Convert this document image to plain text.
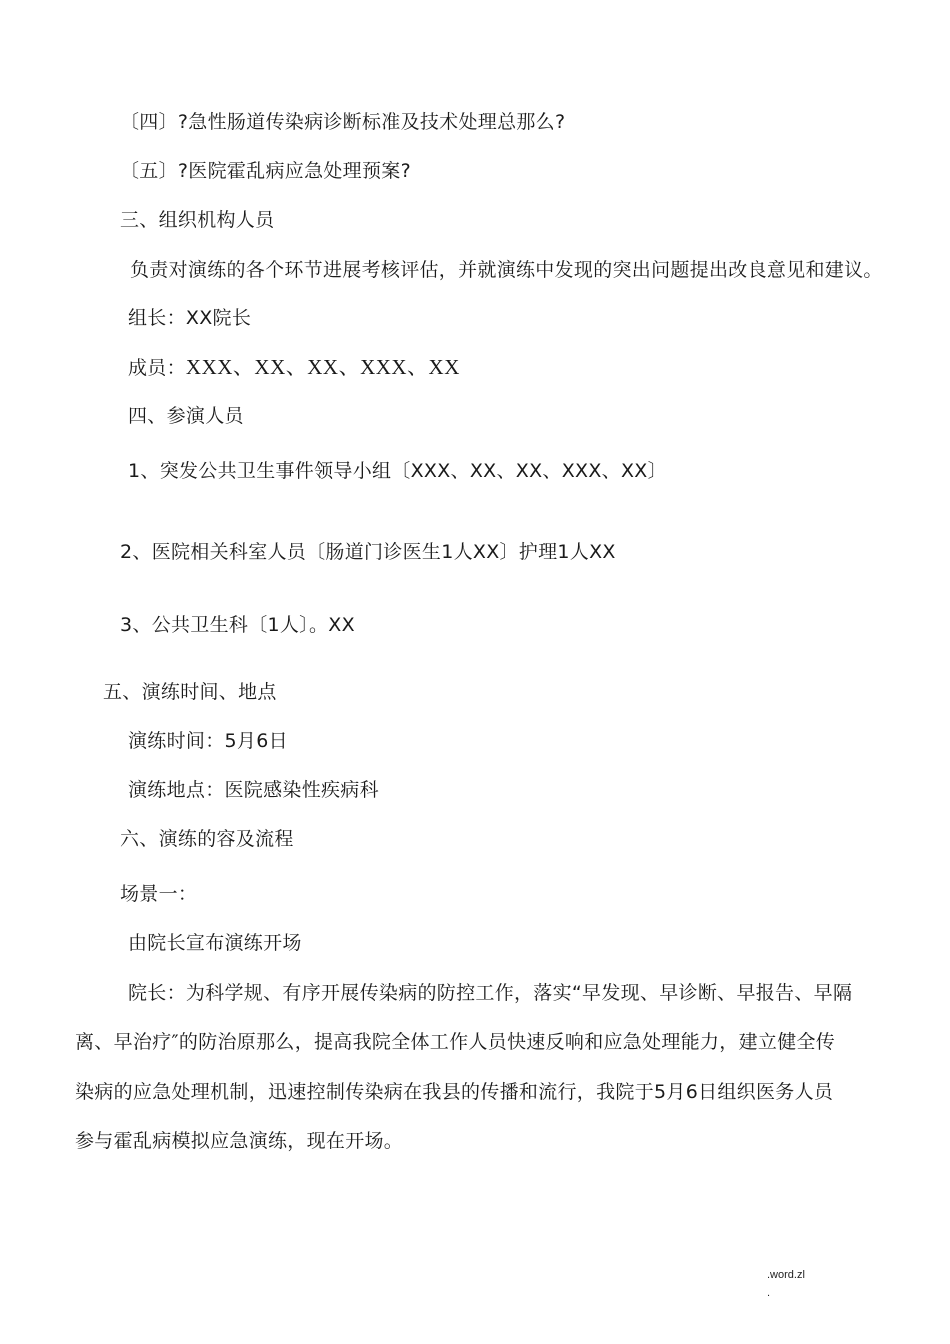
〔四〕?急性肠道传染病诊断标准及技术处理总那么?
〔五〕?医院霍乱病应急处理预案?
三、组织机构人员
负责对演练的各个环节进展考核评估，并就演练中发现的突出问题提出改良意见和建议。
组长：XX院长
成员：XXX、XX、XX、XXX、XX
四、参演人员
1、突发公共卫生事件领导小组〔XXX、XX、XX、XXX、XX〕
2、医院相关科室人员〔肠道门诊医生1人XX〕护理1人XX
3、公共卫生科〔1人〕。XX
五、演练时间、地点
演练时间：5月6日
演练地点：医院感染性疾病科
六、演练的容及流程
场景一：
由院长宣布演练开场
院长：为科学规、有序开展传染病的防控工作，落实“早发现、早诊断、早报告、早隔
离、早治疗″的防治原那么，提高我院全体工作人员快速反响和应急处理能力，建立健全传
染病的应急处理机制，迅速控制传染病在我县的传播和流行，我院于5月6日组织医务人员
参与霍乱病模拟应急演练，现在开场。
.word.zl
.
